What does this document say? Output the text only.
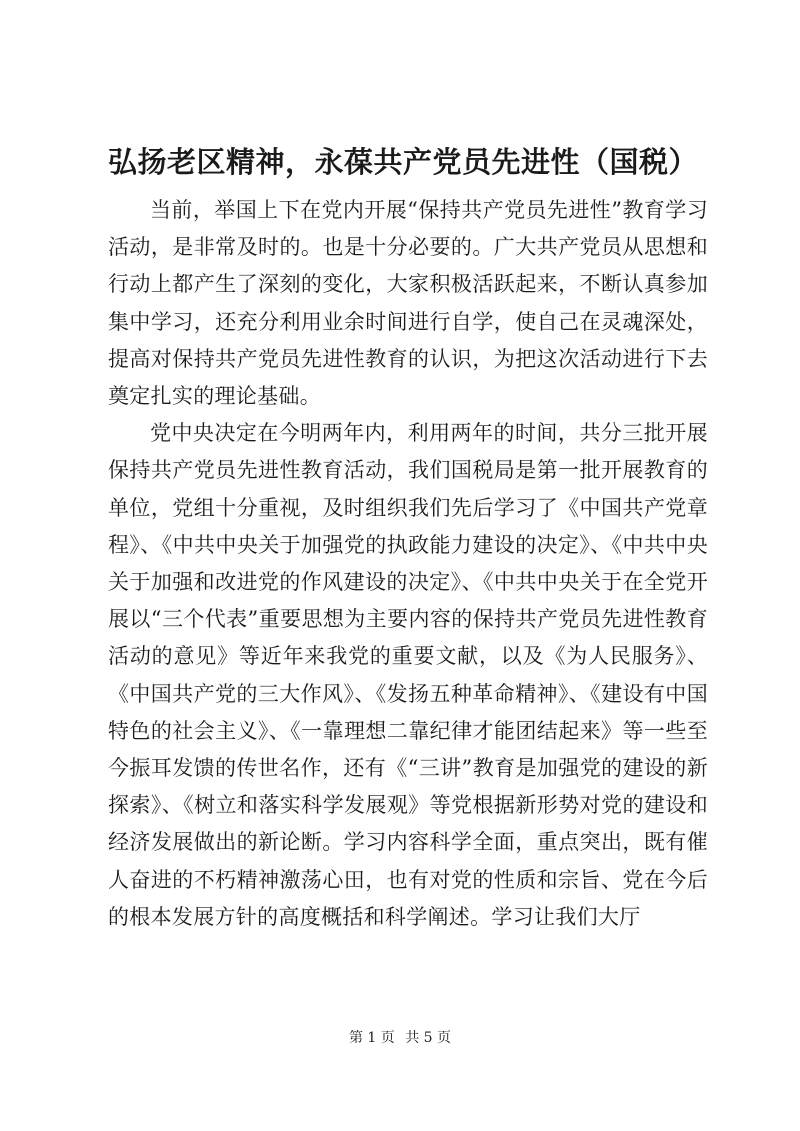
弘扬老区精神，永葆共产党员先进性（国税）

当前，举国上下在党内开展“保持共产党员先进性”教育学习活动，是非常及时的。也是十分必要的。广大共产党员从思想和行动上都产生了深刻的变化，大家积极活跃起来，不断认真参加集中学习，还充分利用业余时间进行自学，使自己在灵魂深处，提高对保持共产党员先进性教育的认识，为把这次活动进行下去奠定扎实的理论基础。

党中央决定在今明两年内，利用两年的时间，共分三批开展保持共产党员先进性教育活动，我们国税局是第一批开展教育的单位，党组十分重视，及时组织我们先后学习了《中国共产党章程》、《中共中央关于加强党的执政能力建设的决定》、《中共中央关于加强和改进党的作风建设的决定》、《中共中央关于在全党开展以“三个代表”重要思想为主要内容的保持共产党员先进性教育活动的意见》等近年来我党的重要文献，以及《为人民服务》、《中国共产党的三大作风》、《发扬五种革命精神》、《建设有中国特色的社会主义》、《一靠理想二靠纪律才能团结起来》等一些至今振耳发馈的传世名作，还有《“三讲”教育是加强党的建设的新探索》、《树立和落实科学发展观》等党根据新形势对党的建设和经济发展做出的新论断。学习内容科学全面，重点突出，既有催人奋进的不朽精神激荡心田，也有对党的性质和宗旨、党在今后的根本发展方针的高度概括和科学阐述。学习让我们大厅

第 1 页 共 5 页
